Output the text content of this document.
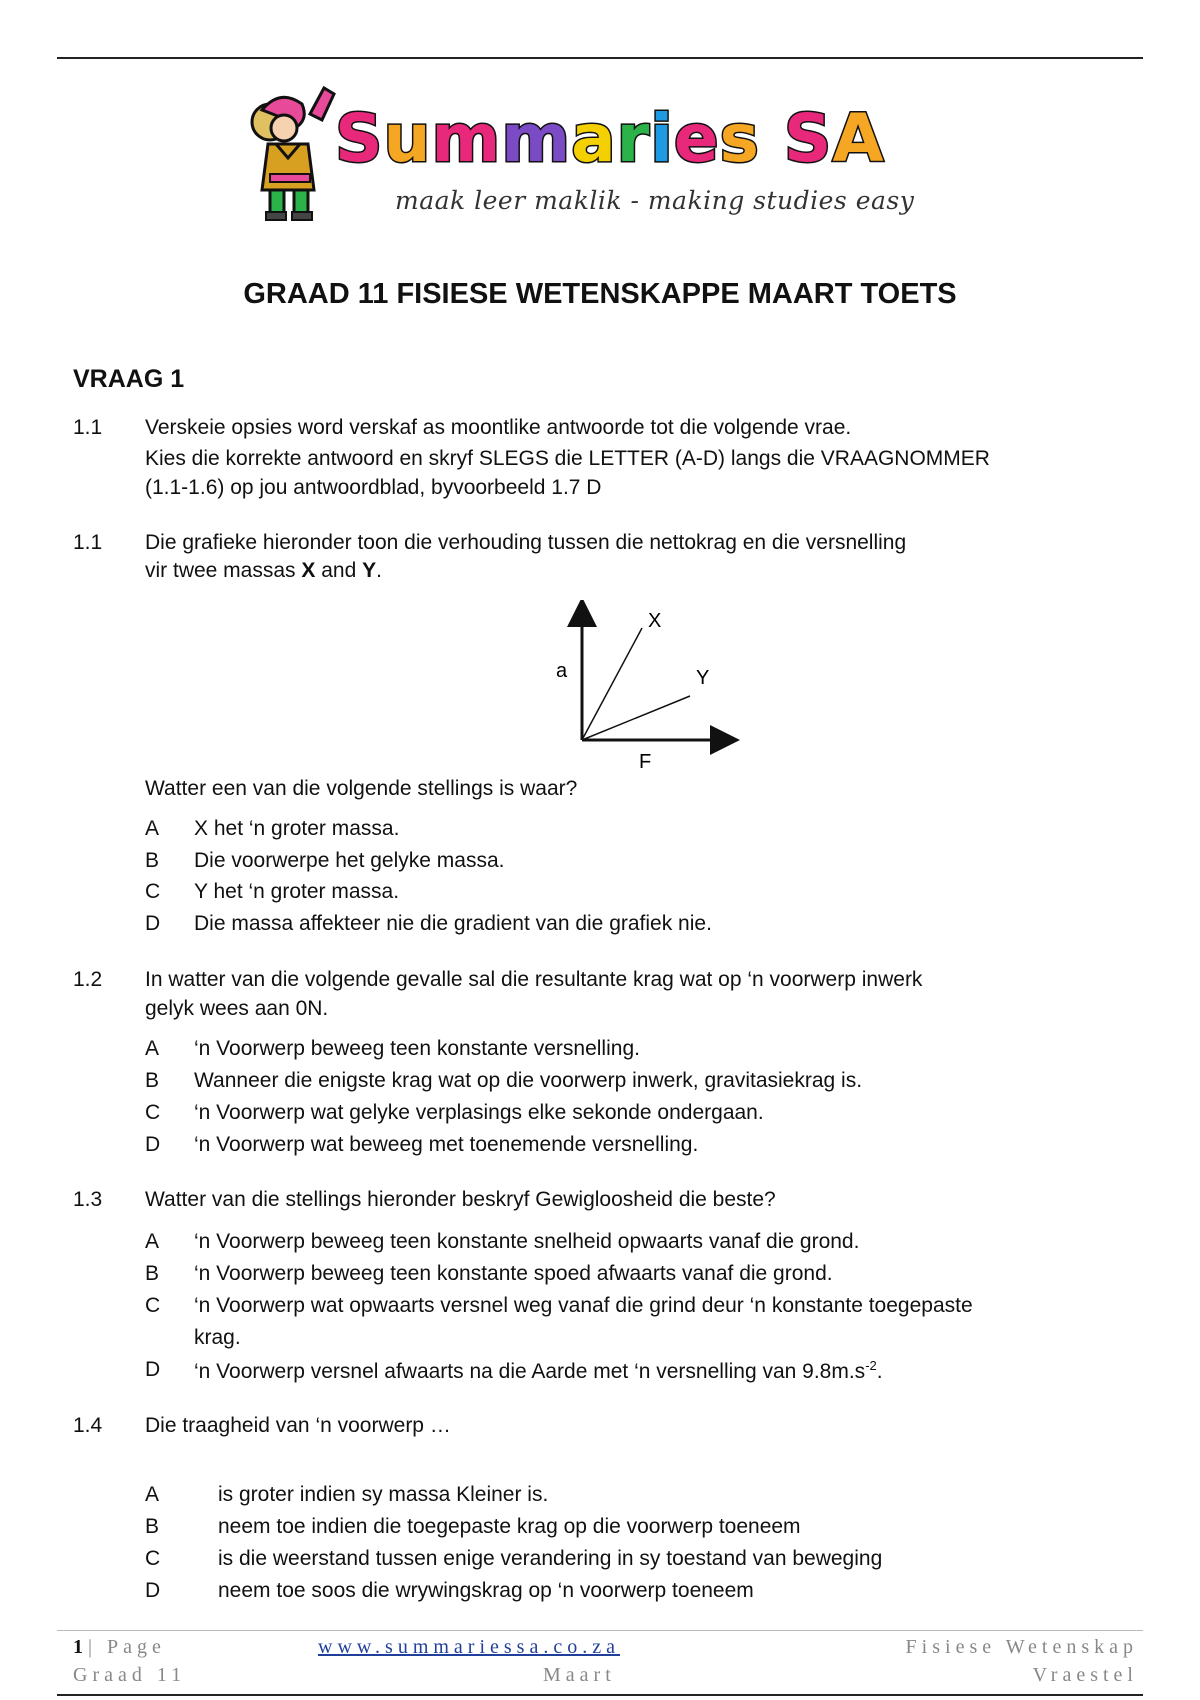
Summaries SA
maak leer maklik - making studies easy
GRAAD 11 FISIESE WETENSKAPPE MAART TOETS
VRAAG 1
1.1 Verskeie opsies word verskaf as moontlike antwoorde tot die volgende vrae.
Kies die korrekte antwoord en skryf SLEGS die LETTER (A-D) langs die VRAAGNOMMER
(1.1-1.6) op jou antwoordblad, byvoorbeeld 1.7 D
1.1 Die grafieke hieronder toon die verhouding tussen die nettokrag en die versnelling
vir twee massas X and Y.
a
F
X
Y
Watter een van die volgende stellings is waar?
A X het ‘n groter massa.
B Die voorwerpe het gelyke massa.
C Y het ‘n groter massa.
D Die massa affekteer nie die gradient van die grafiek nie.
1.2 In watter van die volgende gevalle sal die resultante krag wat op ‘n voorwerp inwerk
gelyk wees aan 0N.
A ‘n Voorwerp beweeg teen konstante versnelling.
B Wanneer die enigste krag wat op die voorwerp inwerk, gravitasiekrag is.
C ‘n Voorwerp wat gelyke verplasings elke sekonde ondergaan.
D ‘n Voorwerp wat beweeg met toenemende versnelling.
1.3 Watter van die stellings hieronder beskryf Gewigloosheid die beste?
A ‘n Voorwerp beweeg teen konstante snelheid opwaarts vanaf die grond.
B ‘n Voorwerp beweeg teen konstante spoed afwaarts vanaf die grond.
C ‘n Voorwerp wat opwaarts versnel weg vanaf die grind deur ‘n konstante toegepaste
krag.
D ‘n Voorwerp versnel afwaarts na die Aarde met ‘n versnelling van $9.8m.s^{-2}$.
1.4 Die traagheid van ‘n voorwerp …
A	is groter indien sy massa Kleiner is.
B	neem toe indien die toegepaste krag op die voorwerp toeneem
C	is die weerstand tussen enige verandering in sy toestand van beweging
D	neem toe soos die wrywingskrag op ‘n voorwerp toeneem
1| Page
Graad 11
www.summariessa.co.za
Maart
Fisiese Wetenskap
Vraestel
